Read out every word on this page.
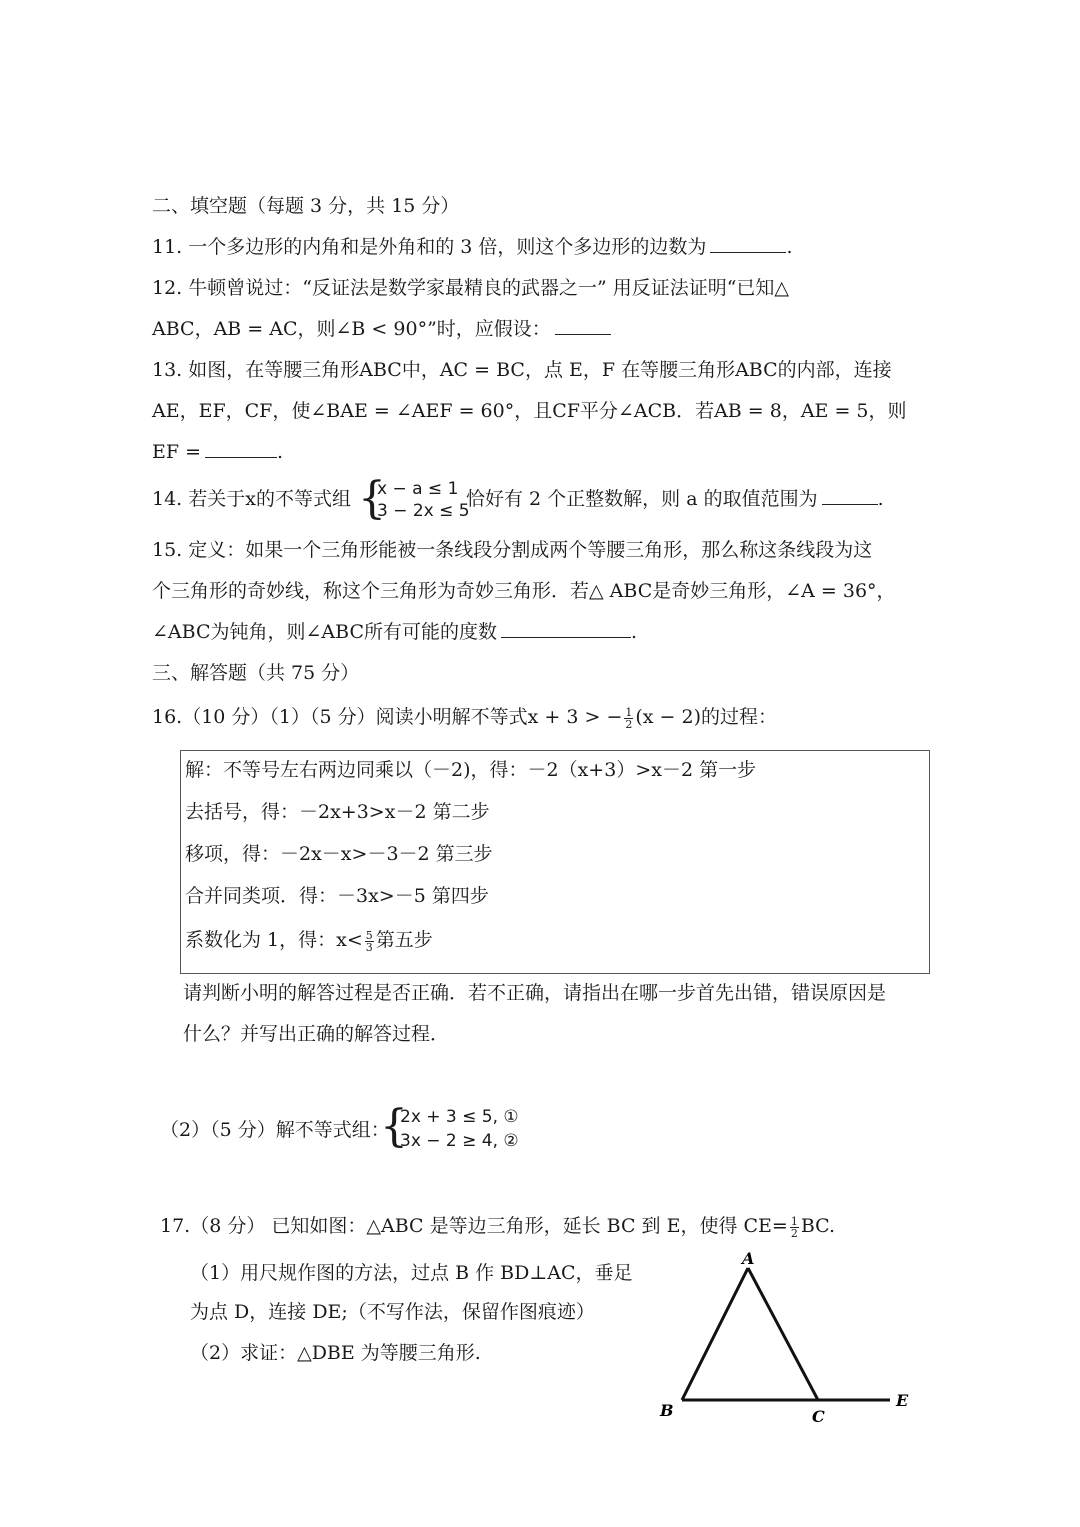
二、填空题（每题 3 分，共 15 分）
11. 一个多边形的内角和是外角和的 3 倍，则这个多边形的边数为	.
12. 牛顿曾说过：“反证法是数学家最精良的武器之一” 用反证法证明“已知△
ABC，AB = AC，则∠B < 90°”时，应假设：
13. 如图，在等腰三角形ABC中，AC = BC，点 E，F 在等腰三角形ABC的内部，连接
AE，EF，CF，使∠BAE = ∠AEF = 60°，且CF平分∠ACB．若AB = 8，AE = 5，则
EF =	.
14. 若关于x的不等式组 {
x − a ≤ 1
3 − 2x ≤ 5
恰好有 2 个正整数解，则 a 的取值范围为	.
15. 定义：如果一个三角形能被一条线段分割成两个等腰三角形，那么称这条线段为这
个三角形的奇妙线，称这个三角形为奇妙三角形．若△ ABC是奇妙三角形，∠A = 36°，
∠ABC为钝角，则∠ABC所有可能的度数	.
三、解答题（共 75 分）
16.（10 分）（1）（5 分）阅读小明解不等式x + 3 > − $\frac{1}{2} (x - 2)$的过程：
解：不等号左右两边同乘以（－2)，得：－2（x+3）>x－2 第一步
去括号，得：－2x+3>x－2 第二步
移项，得：－2x－x>－3－2 第三步
合并同类项．得：－3x>－5 第四步
系数化为 1，得：$x< \frac{5}{3}$ 第五步
请判断小明的解答过程是否正确．若不正确，请指出在哪一步首先出错，错误原因是
什么？并写出正确的解答过程．
（2）（5 分）解不等式组：
{
2x + 3 ≤ 5, ①
3x − 2 ≥ 4, ②
17.（8 分） 已知如图：△ABC 是等边三角形，延长 BC 到 E，使得 $CE= \frac{1}{2}$ BC.
（1）用尺规作图的方法，过点 B 作 BD⊥AC，垂足
为点 D，连接 DE;（不写作法，保留作图痕迹）
（2）求证：△DBE 为等腰三角形.
A
B	C
E
